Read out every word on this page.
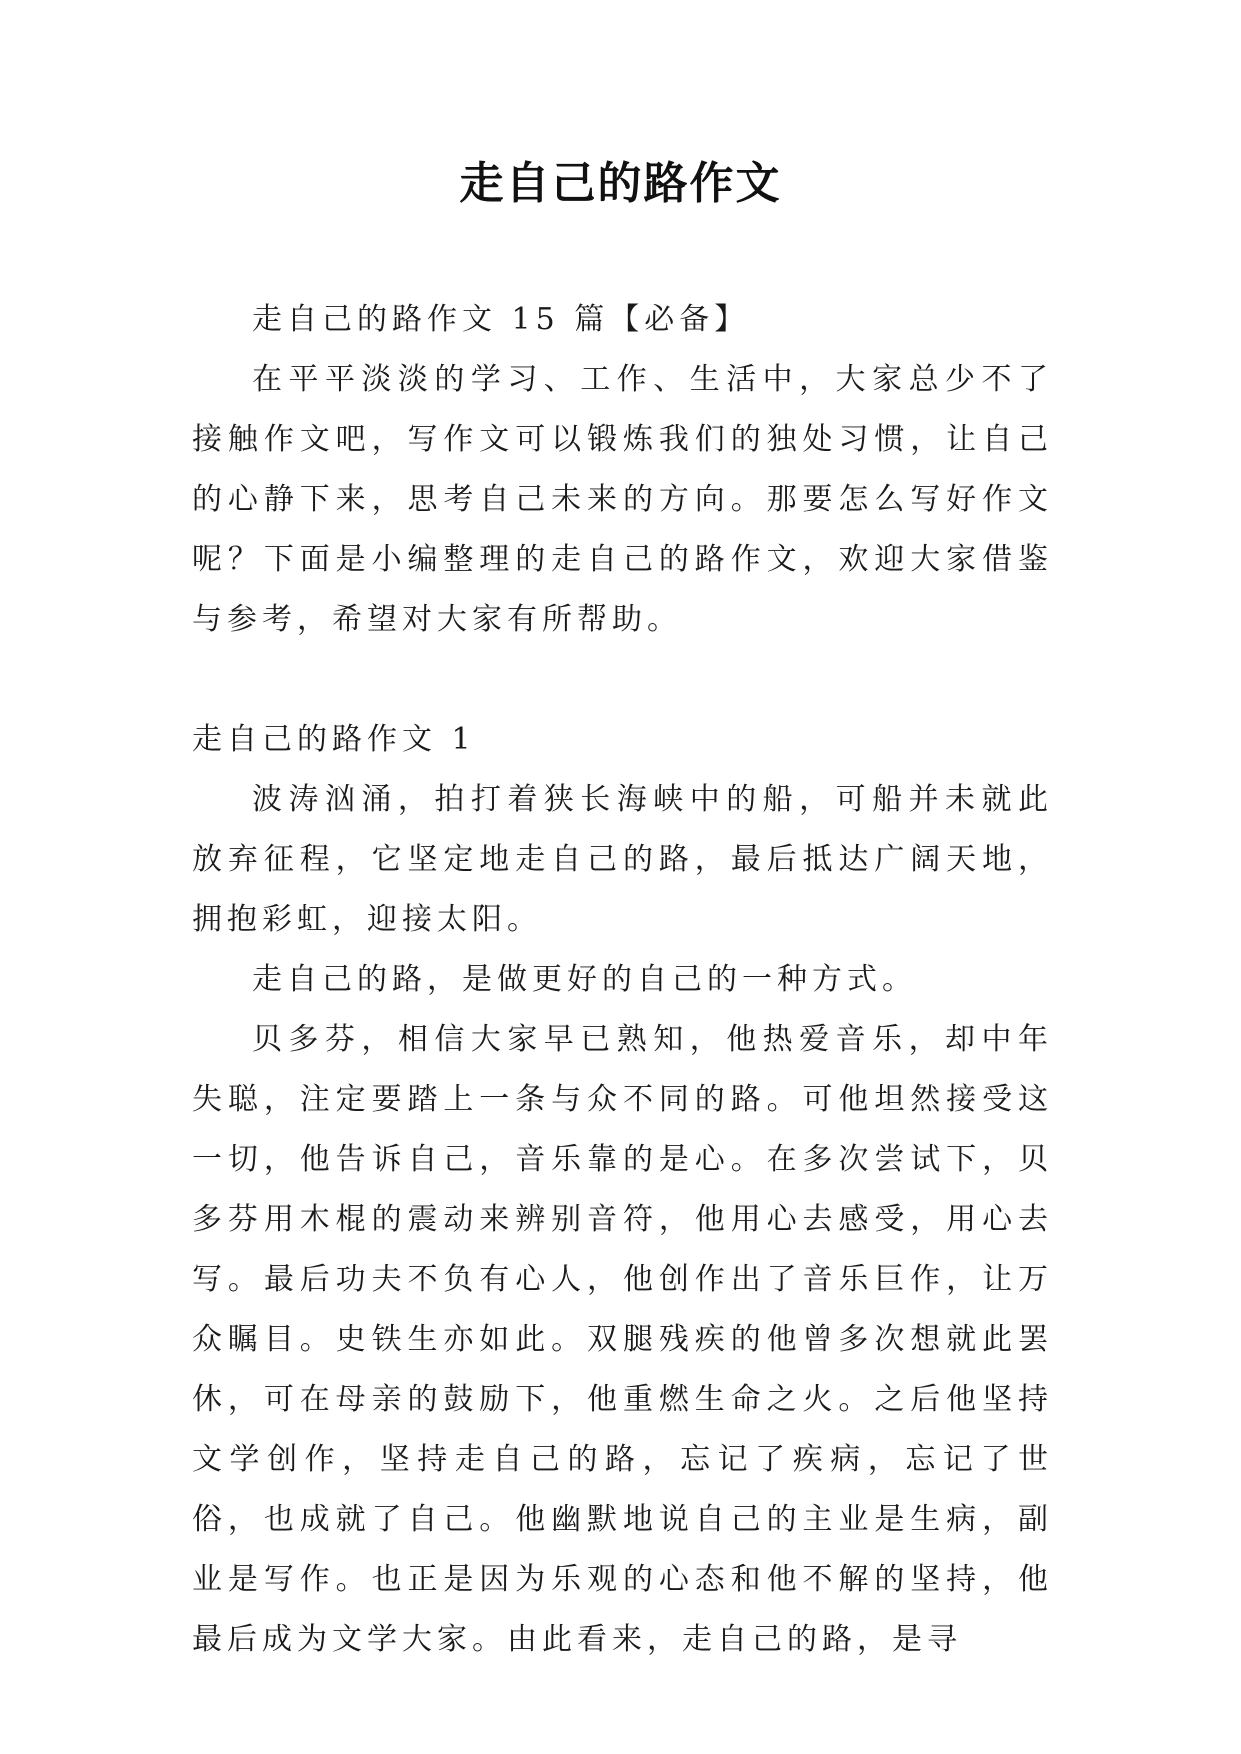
走自己的路作文

走自己的路作文 15 篇【必备】

在平平淡淡的学习、工作、生活中，大家总少不了接触作文吧，写作文可以锻炼我们的独处习惯，让自己的心静下来，思考自己未来的方向。那要怎么写好作文呢？下面是小编整理的走自己的路作文，欢迎大家借鉴与参考，希望对大家有所帮助。

走自己的路作文 1

波涛汹涌，拍打着狭长海峡中的船，可船并未就此放弃征程，它坚定地走自己的路，最后抵达广阔天地，拥抱彩虹，迎接太阳。

走自己的路，是做更好的自己的一种方式。

贝多芬，相信大家早已熟知，他热爱音乐，却中年失聪，注定要踏上一条与众不同的路。可他坦然接受这一切，他告诉自己，音乐靠的是心。在多次尝试下，贝多芬用木棍的震动来辨别音符，他用心去感受，用心去写。最后功夫不负有心人，他创作出了音乐巨作，让万众瞩目。史铁生亦如此。双腿残疾的他曾多次想就此罢休，可在母亲的鼓励下，他重燃生命之火。之后他坚持文学创作，坚持走自己的路，忘记了疾病，忘记了世俗，也成就了自己。他幽默地说自己的主业是生病，副业是写作。也正是因为乐观的心态和他不解的坚持，他最后成为文学大家。由此看来，走自己的路，是寻
